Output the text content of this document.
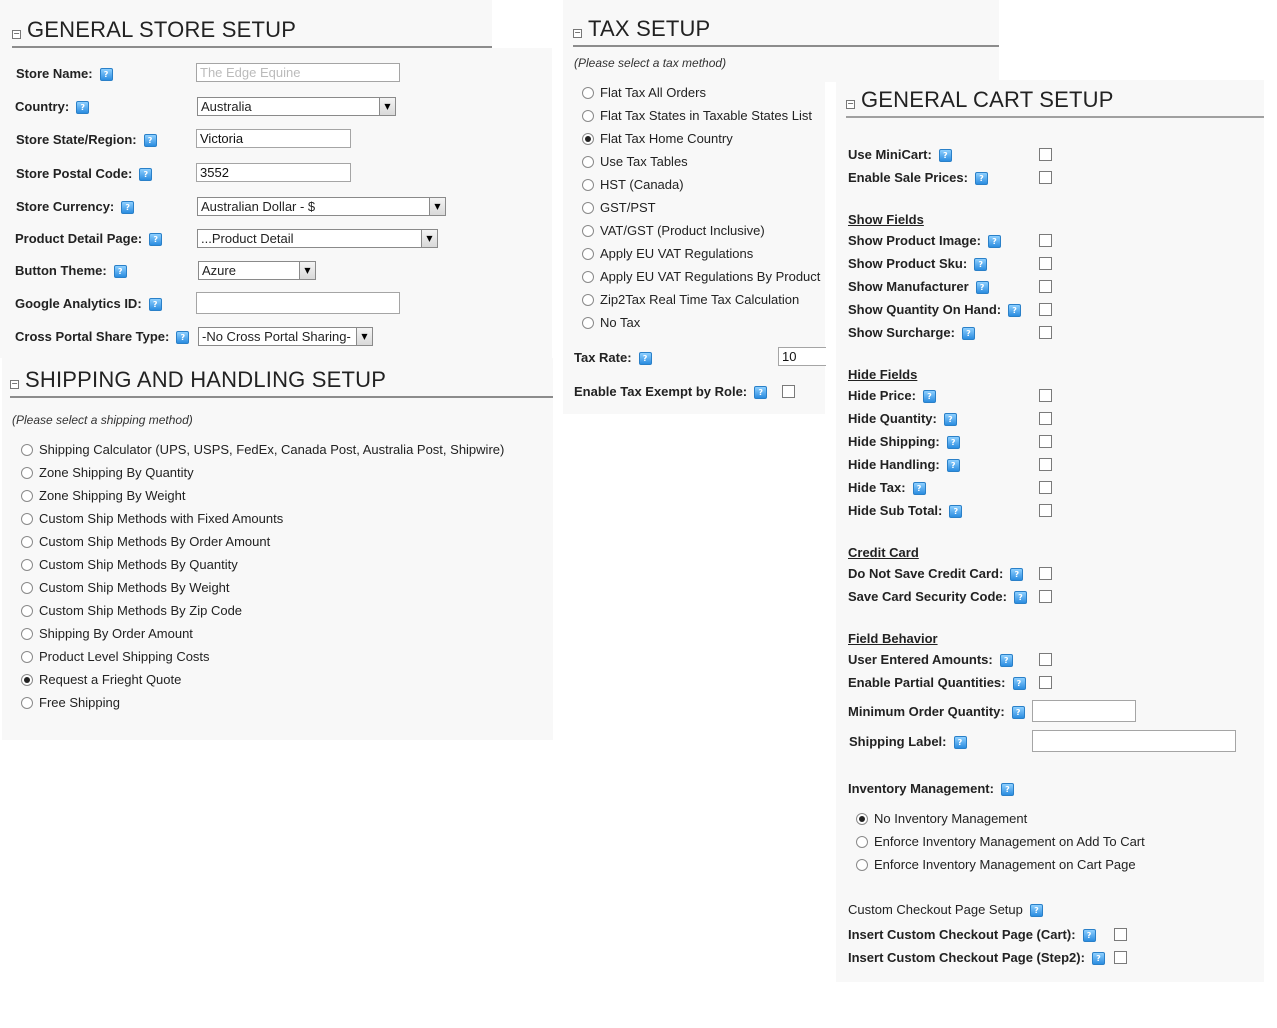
− GENERAL STORE SETUP
Store Name: ?
The Edge Equine
Country: ?	Australia	▼
Store State/Region: ?
Victoria
Store Postal Code: ?
3552
Store Currency: ?	Australian Dollar - $	▼
Product Detail Page: ?	...Product Detail	▼
Button Theme: ?	Azure	▼
Google Analytics ID: ?
Cross Portal Share Type: ?	-No Cross Portal Sharing-	▼
− SHIPPING AND HANDLING SETUP
(Please select a shipping method)
Shipping Calculator (UPS, USPS, FedEx, Canada Post, Australia Post, Shipwire)
Zone Shipping By Quantity
Zone Shipping By Weight
Custom Ship Methods with Fixed Amounts
Custom Ship Methods By Order Amount
Custom Ship Methods By Quantity
Custom Ship Methods By Weight
Custom Ship Methods By Zip Code
Shipping By Order Amount
Product Level Shipping Costs
Request a Frieght Quote
Free Shipping
− TAX SETUP
(Please select a tax method)
Flat Tax All Orders
Flat Tax States in Taxable States List
Flat Tax Home Country
Use Tax Tables
HST (Canada)
GST/PST
VAT/GST (Product Inclusive)
Apply EU VAT Regulations
Apply EU VAT Regulations By Product
Zip2Tax Real Time Tax Calculation
No Tax
Tax Rate: ?
10
Enable Tax Exempt by Role: ?
− GENERAL CART SETUP
Use MiniCart: ?
Enable Sale Prices: ?
Show Fields
Show Product Image: ?
Show Product Sku: ?
Show Manufacturer ?
Show Quantity On Hand: ?
Show Surcharge: ?
Hide Fields
Hide Price: ?
Hide Quantity: ?
Hide Shipping: ?
Hide Handling: ?
Hide Tax: ?
Hide Sub Total: ?
Credit Card
Do Not Save Credit Card: ?
Save Card Security Code: ?
Field Behavior
User Entered Amounts: ?
Enable Partial Quantities: ?
Minimum Order Quantity: ?
Shipping Label: ?
Inventory Management: ?
No Inventory Management
Enforce Inventory Management on Add To Cart
Enforce Inventory Management on Cart Page
Custom Checkout Page Setup ?
Insert Custom Checkout Page (Cart): ?
Insert Custom Checkout Page (Step2): ?
